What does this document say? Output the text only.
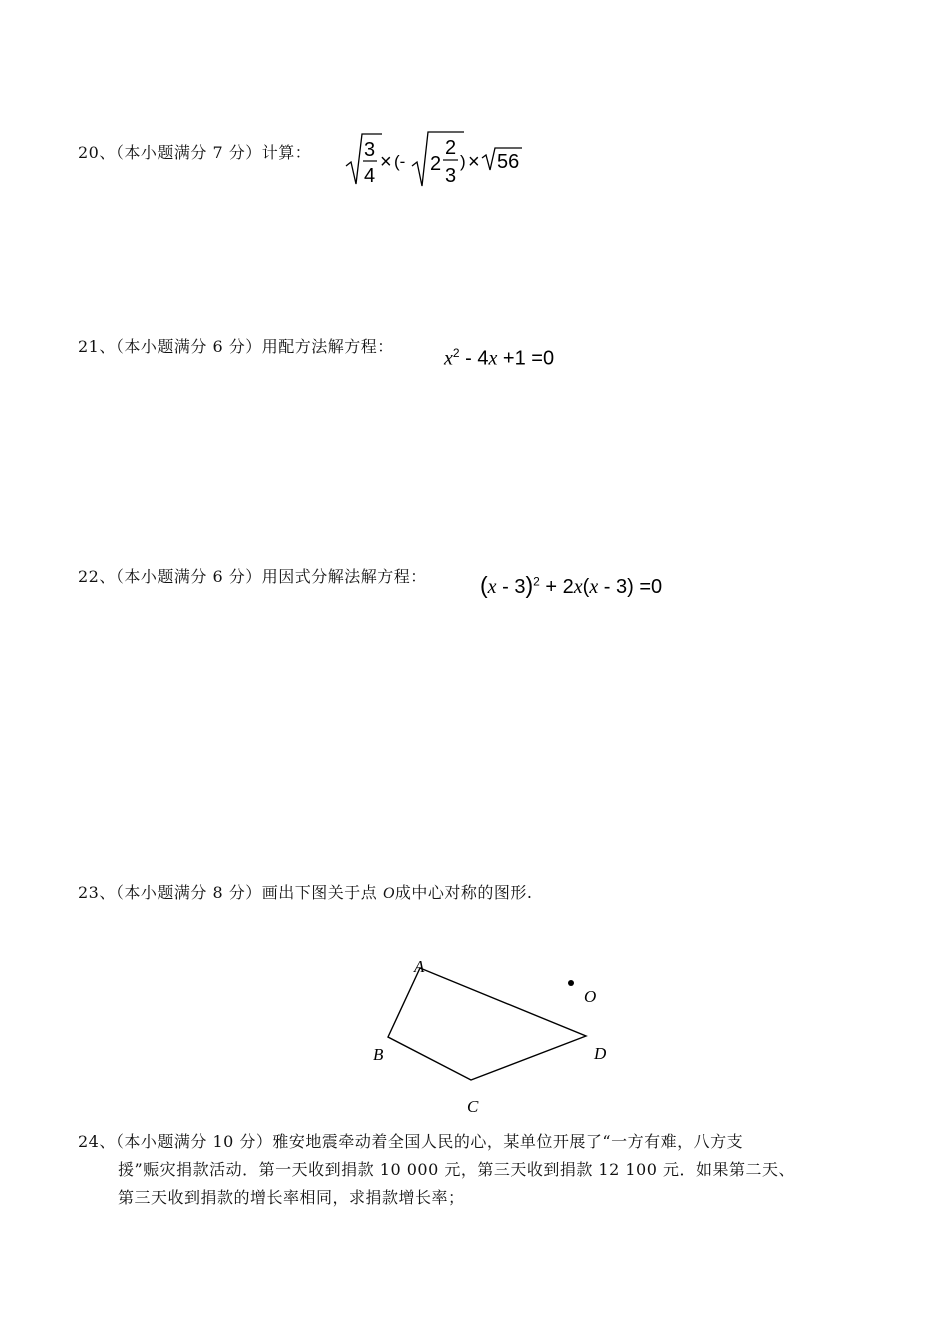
20、（本小题满分 7 分）计算：	3
4
× (- 2
2
3
) × 56
21、（本小题满分 6 分）用配方法解方程：
$x^2 - 4x +1 =0$
22、（本小题满分 6 分）用因式分解法解方程： (x - 3)$^2$ + 2x(x - 3) =0
23、（本小题满分 8 分）画出下图关于点 O成中心对称的图形.
A
B
C
D
O
24、（本小题满分 10 分）雅安地震牵动着全国人民的心，某单位开展了“一方有难，八方支
援”赈灾捐款活动．第一天收到捐款 10 000 元，第三天收到捐款 12 100 元．如果第二天、
第三天收到捐款的增长率相同，求捐款增长率；
